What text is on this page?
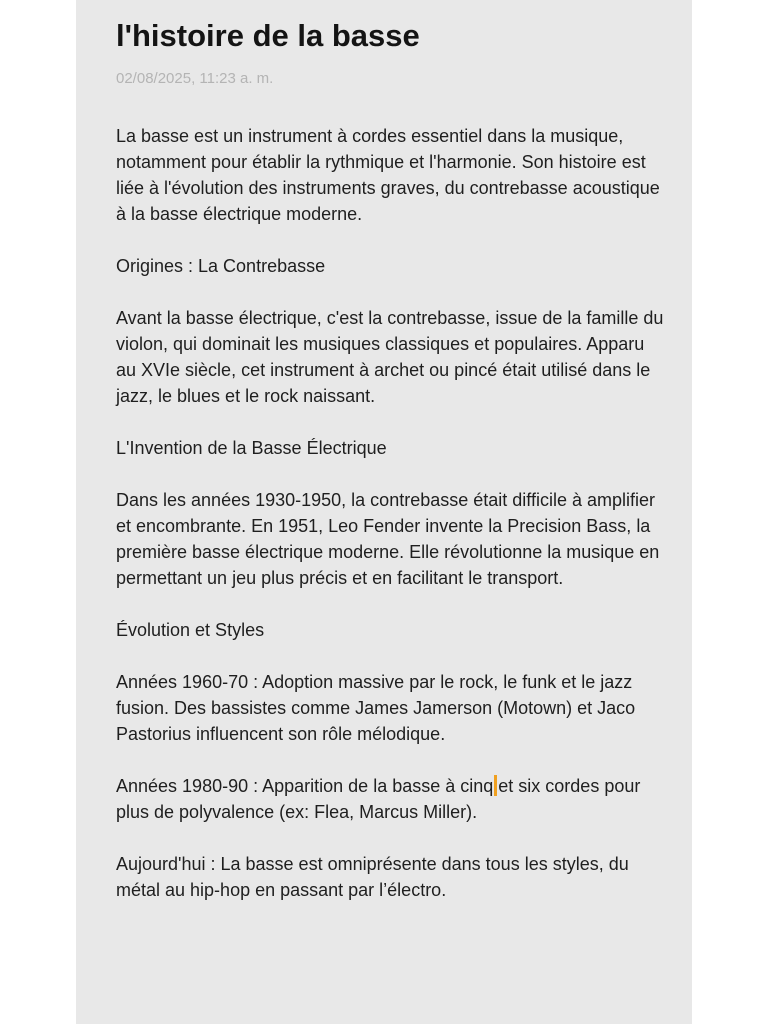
l'histoire de la basse
02/08/2025, 11:23 a. m.

La basse est un instrument à cordes essentiel dans la musique, notamment pour établir la rythmique et l'harmonie. Son histoire est liée à l'évolution des instruments graves, du contrebasse acoustique à la basse électrique moderne.

Origines : La Contrebasse

Avant la basse électrique, c'est la contrebasse, issue de la famille du violon, qui dominait les musiques classiques et populaires. Apparu au XVIe siècle, cet instrument à archet ou pincé était utilisé dans le jazz, le blues et le rock naissant.

L'Invention de la Basse Électrique

Dans les années 1930-1950, la contrebasse était difficile à amplifier et encombrante. En 1951, Leo Fender invente la Precision Bass, la première basse électrique moderne. Elle révolutionne la musique en permettant un jeu plus précis et en facilitant le transport.

Évolution et Styles

Années 1960-70 : Adoption massive par le rock, le funk et le jazz fusion. Des bassistes comme James Jamerson (Motown) et Jaco Pastorius influencent son rôle mélodique.

Années 1980-90 : Apparition de la basse à cinq et six cordes pour plus de polyvalence (ex: Flea, Marcus Miller).

Aujourd'hui : La basse est omniprésente dans tous les styles, du métal au hip-hop en passant par l’électro.
